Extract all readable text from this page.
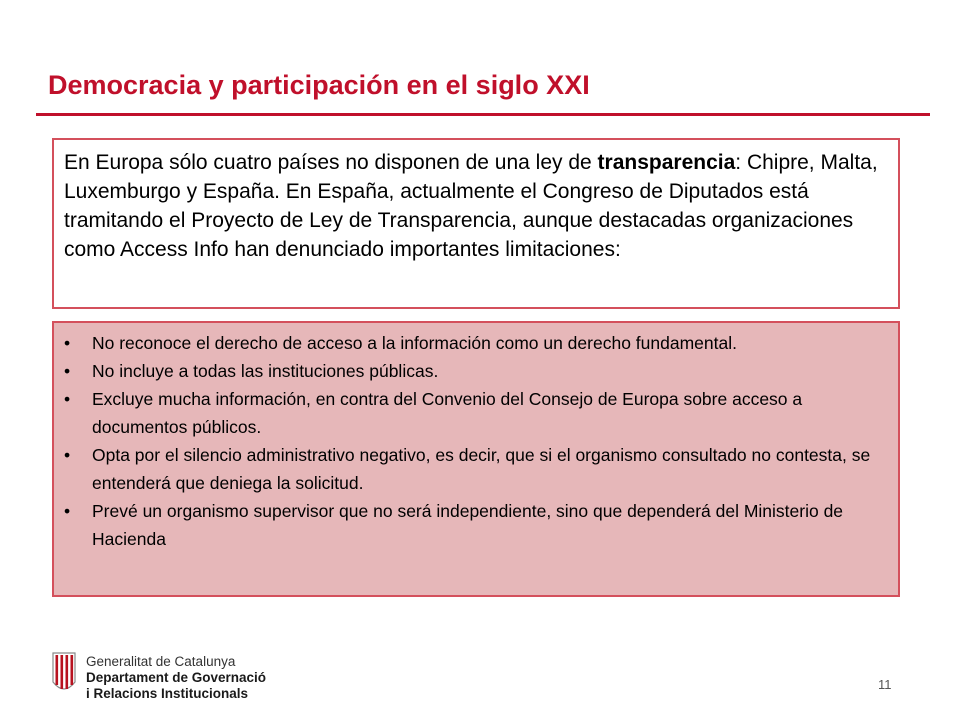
Democracia y participación en el siglo XXI
En Europa sólo cuatro países no disponen de una ley de transparencia: Chipre, Malta, Luxemburgo y España. En España, actualmente el Congreso de Diputados está tramitando el Proyecto de Ley de Transparencia, aunque destacadas organizaciones como Access Info han denunciado importantes limitaciones:
• No reconoce el derecho de acceso a la información como un derecho fundamental.
• No incluye a todas las instituciones públicas.
• Excluye mucha información, en contra del Convenio del Consejo de Europa sobre acceso a documentos públicos.
• Opta por el silencio administrativo negativo, es decir, que si el organismo consultado no contesta, se entenderá que deniega la solicitud.
• Prevé un organismo supervisor que no será independiente, sino que dependerá del Ministerio de Hacienda
Generalitat de Catalunya
Departament de Governació
i Relacions Institucionals
11
